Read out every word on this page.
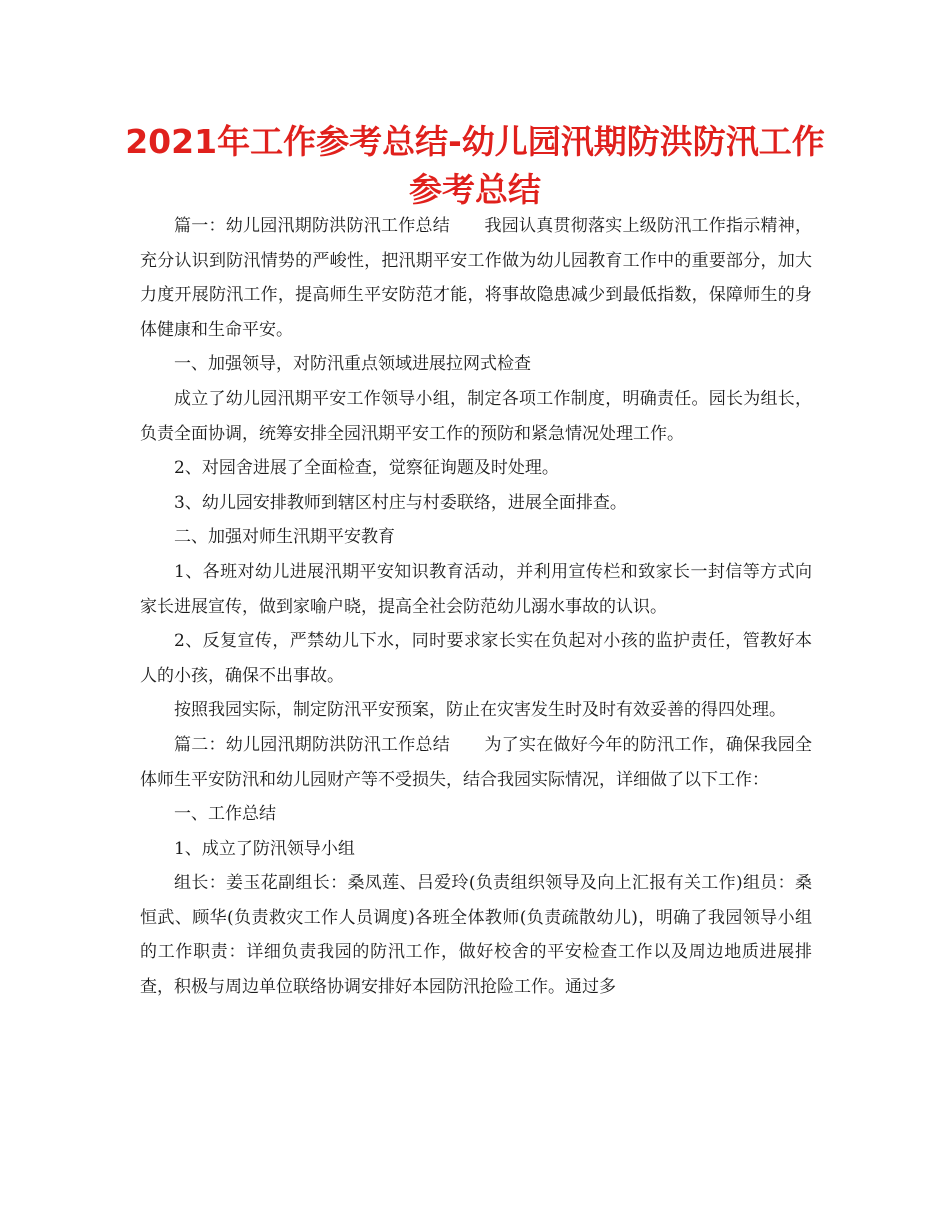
2021年工作参考总结-幼儿园汛期防洪防汛工作
参考总结

篇一：幼儿园汛期防洪防汛工作总结　　我园认真贯彻落实上级防汛工作指示精神，充分认识到防汛情势的严峻性，把汛期平安工作做为幼儿园教育工作中的重要部分，加大力度开展防汛工作，提高师生平安防范才能，将事故隐患减少到最低指数，保障师生的身体健康和生命平安。

一、加强领导，对防汛重点领域进展拉网式检查

成立了幼儿园汛期平安工作领导小组，制定各项工作制度，明确责任。园长为组长，负责全面协调，统筹安排全园汛期平安工作的预防和紧急情况处理工作。

2、对园舍进展了全面检查，觉察征询题及时处理。

3、幼儿园安排教师到辖区村庄与村委联络，进展全面排查。

二、加强对师生汛期平安教育

1、各班对幼儿进展汛期平安知识教育活动，并利用宣传栏和致家长一封信等方式向家长进展宣传，做到家喻户晓，提高全社会防范幼儿溺水事故的认识。

2、反复宣传，严禁幼儿下水，同时要求家长实在负起对小孩的监护责任，管教好本人的小孩，确保不出事故。

按照我园实际，制定防汛平安预案，防止在灾害发生时及时有效妥善的得四处理。

篇二：幼儿园汛期防洪防汛工作总结　　为了实在做好今年的防汛工作，确保我园全体师生平安防汛和幼儿园财产等不受损失，结合我园实际情况，详细做了以下工作：

一、工作总结

1、成立了防汛领导小组

组长：姜玉花副组长：桑凤莲、吕爱玲(负责组织领导及向上汇报有关工作)组员：桑恒武、顾华(负责救灾工作人员调度)各班全体教师(负责疏散幼儿)，明确了我园领导小组的工作职责：详细负责我园的防汛工作，做好校舍的平安检查工作以及周边地质进展排查，积极与周边单位联络协调安排好本园防汛抢险工作。通过多
